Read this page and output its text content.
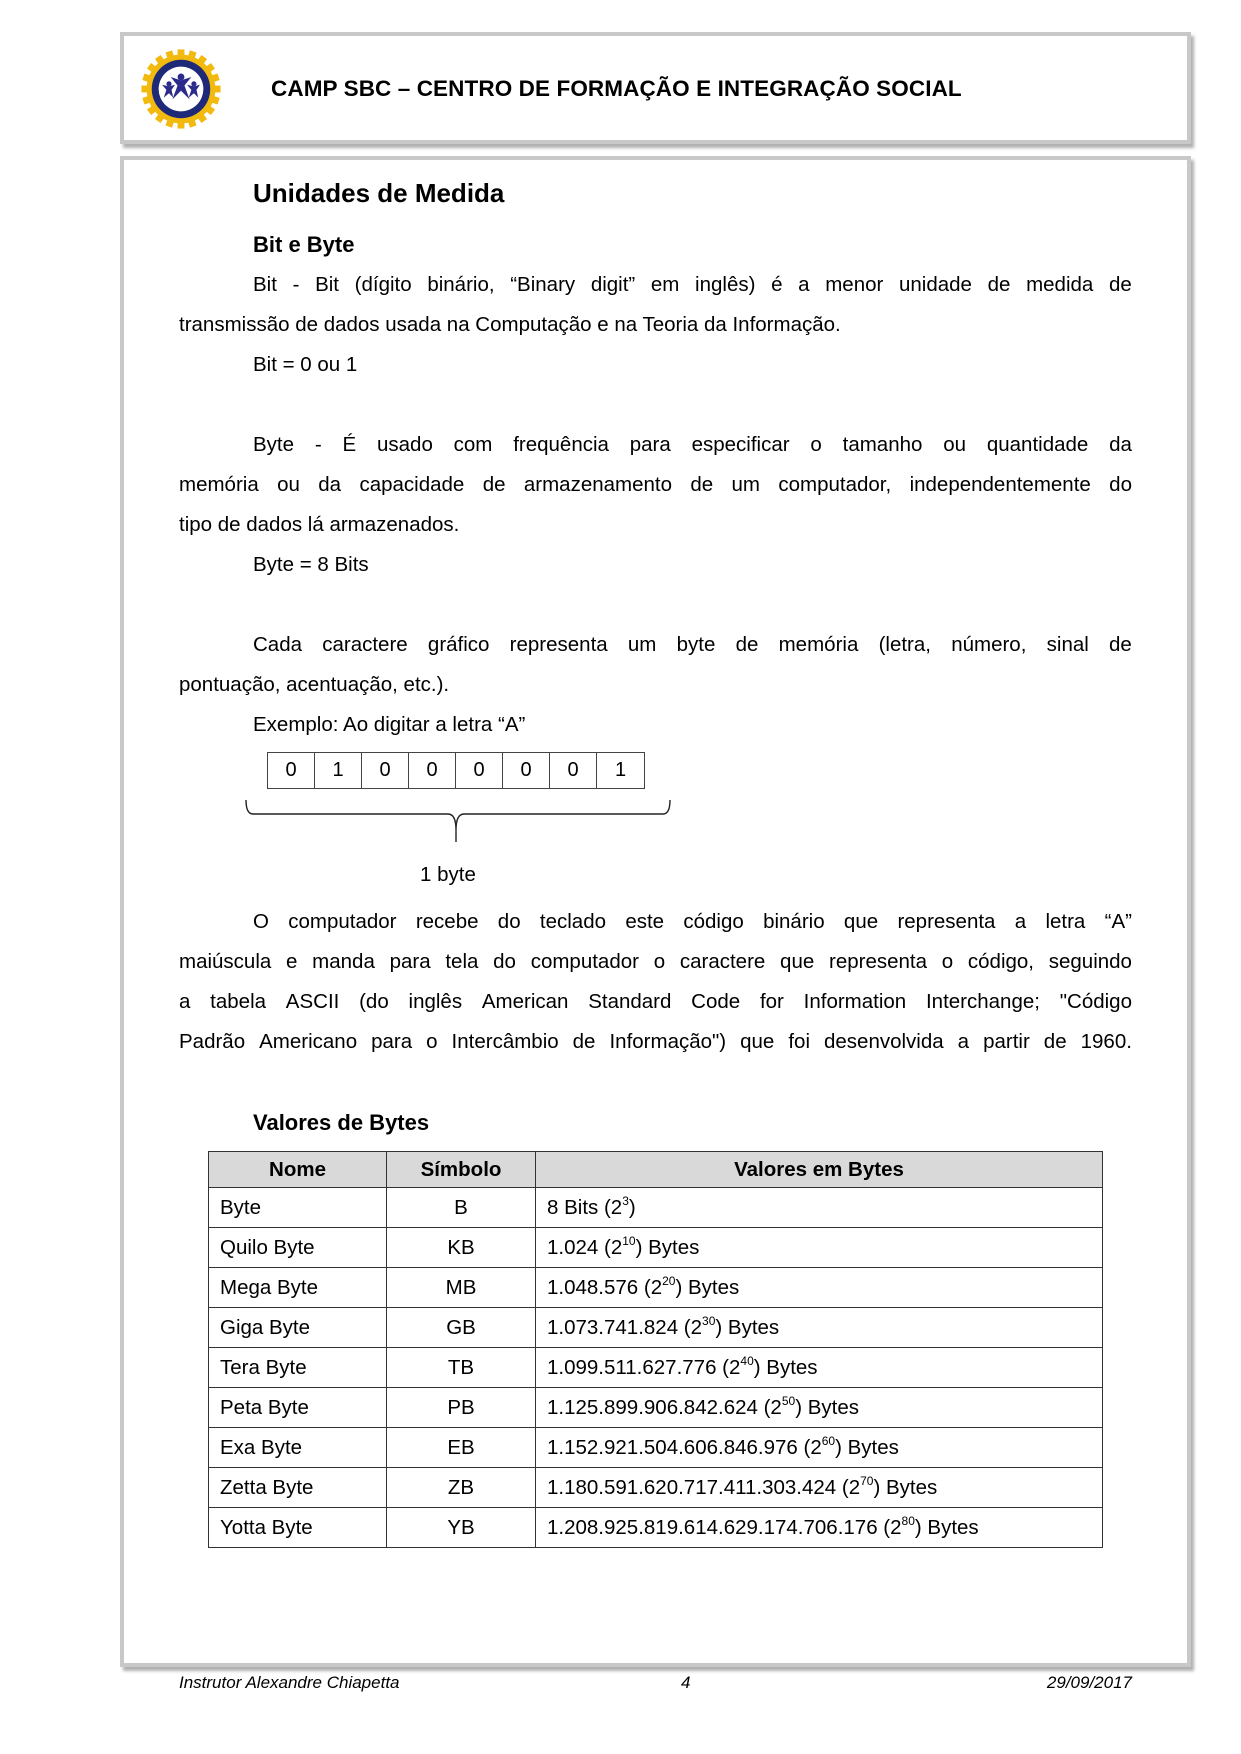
CAMP SBC – CENTRO DE FORMAÇÃO E INTEGRAÇÃO SOCIAL
Unidades de Medida
Bit e Byte
Bit - Bit (dígito binário, “Binary digit” em inglês) é a menor unidade de medida de
transmissão de dados usada na Computação e na Teoria da Informação.
Bit = 0 ou 1
Byte - É usado com frequência para especificar o tamanho ou quantidade da
memória ou da capacidade de armazenamento de um computador, independentemente do
tipo de dados lá armazenados.
Byte = 8 Bits
Cada caractere gráfico representa um byte de memória (letra, número, sinal de
pontuação, acentuação, etc.).
Exemplo: Ao digitar a letra “A”
0	1	0	0	0	0	0	1
1 byte
O computador recebe do teclado este código binário que representa a letra “A”
maiúscula e manda para tela do computador o caractere que representa o código, seguindo
a tabela ASCII (do inglês American Standard Code for Information Interchange; "Código
Padrão Americano para o Intercâmbio de Informação") que foi desenvolvida a partir de 1960.
Valores de Bytes
Nome	Símbolo	Valores em Bytes
Byte	B	8 Bits $(2^3)$
Quilo Byte	KB	1.024 $(2^{10})$ Bytes
Mega Byte	MB	1.048.576 $(2^{20})$ Bytes
Giga Byte	GB	1.073.741.824 $(2^{30})$ Bytes
Tera Byte	TB	1.099.511.627.776 $(2^{40})$ Bytes
Peta Byte	PB	1.125.899.906.842.624 $(2^{50})$ Bytes
Exa Byte	EB	1.152.921.504.606.846.976 $(2^{60})$ Bytes
Zetta Byte	ZB	1.180.591.620.717.411.303.424 $(2^{70})$ Bytes
Yotta Byte	YB	1.208.925.819.614.629.174.706.176 $(2^{80})$ Bytes
Instrutor Alexandre Chiapetta	4	29/09/2017
